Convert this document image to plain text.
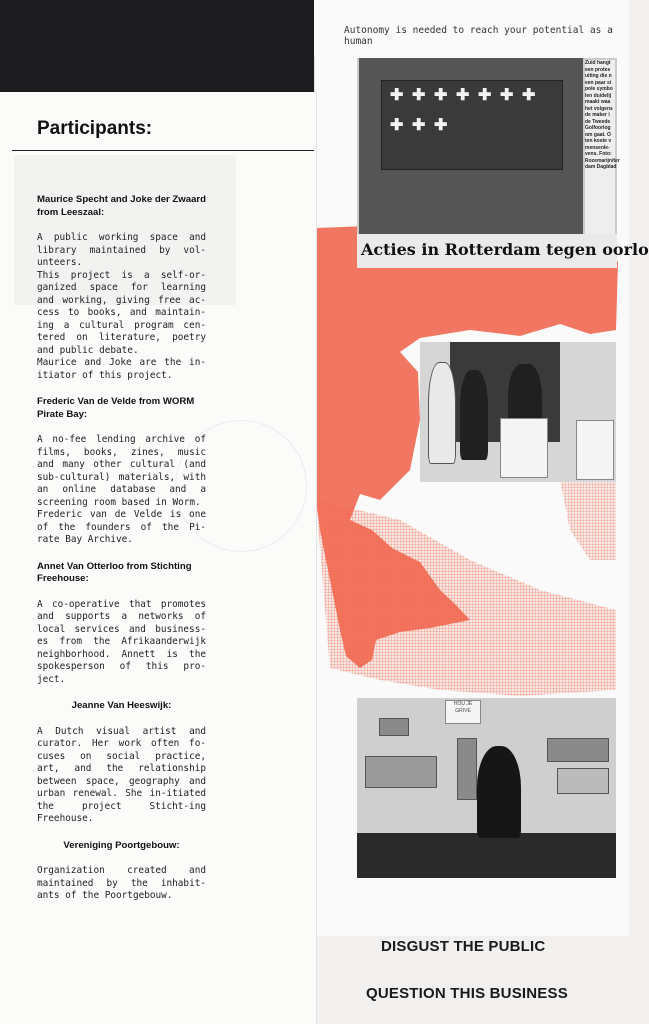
Autonomy is needed to reach your potential as a human
Participants:
Maurice Specht and Joke der Zwaard from Leeszaal:
A public working space and library maintained by vol-unteers.
This project is a self-or-ganized space for learning and working, giving free ac-cess to books, and maintain-ing a cultural program cen-tered on literature, poetry and public debate.
Maurice and Joke are the in-itiator of this project.
Frederic Van de Velde from WORM Pirate Bay:
A no-fee lending archive of films, books, zines, music and many other cultural (and sub-cultural) materials, with an online database and a screening room based in Worm.
Frederic van de Velde is one of the founders of the Pi-rate Bay Archive.
Annet Van Otterloo from Stichting Freehouse:
A co-operative that promotes and supports a networks of local services and business-es from the Afrikaanderwijk neighborhood. Annett is the spokesperson of this pro-ject.
Jeanne Van Heeswijk:
A Dutch visual artist and curator. Her work often fo-cuses on social practice, art, and the relationship between space, geography and urban renewal. She in-itiated the project Sticht-ing Freehouse.
Vereniging Poortgebouw:
Organization created and maintained by the inhabit-ants of the Poortgebouw.
✚ ✚ ✚ ✚ ✚ ✚ ✚
✚ ✚ ✚
Zuid hangt
een protes
uiting die n
een paar si
pole symbo
len duidelij
maakt waa
het volgens
de maker i
de Tweede
Golfoorlog
om gaat. O
ten koste v
mensenle-
vens. Foto:
Rozemarijn/ter
dam Dagblad
Acties in Rotterdam tegen oorlo
HOU JE GRIVE
DISGUST THE PUBLIC
QUESTION THIS BUSINESS
